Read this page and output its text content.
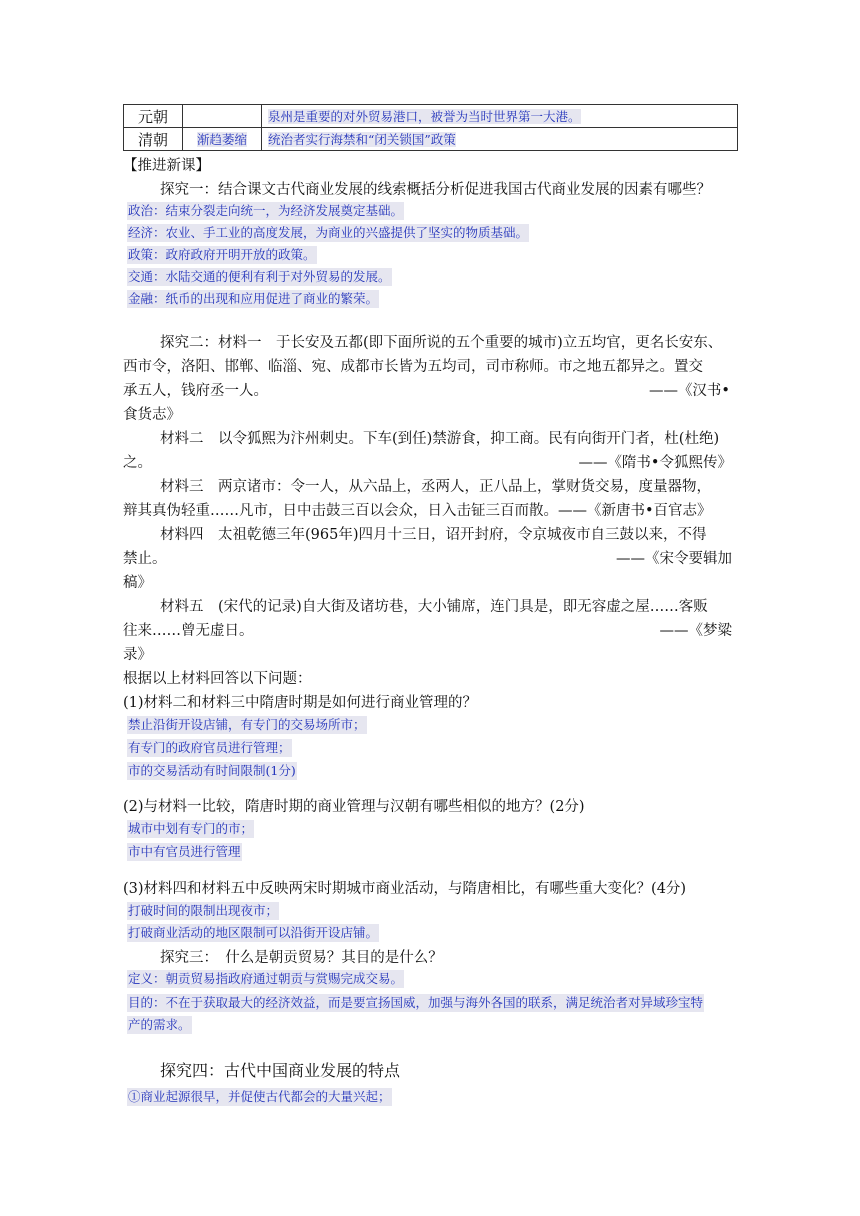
元朝		泉州是重要的对外贸易港口，被誉为当时世界第一大港。
清朝	渐趋萎缩	统治者实行海禁和“闭关锁国”政策
【推进新课】
探究一：结合课文古代商业发展的线索概括分析促进我国古代商业发展的因素有哪些？
政治：结束分裂走向统一，为经济发展奠定基础。
经济：农业、手工业的高度发展，为商业的兴盛提供了坚实的物质基础。
政策：政府政府开明开放的政策。
交通：水陆交通的便利有利于对外贸易的发展。
金融：纸币的出现和应用促进了商业的繁荣。
探究二：材料一　于长安及五都(即下面所说的五个重要的城市)立五均官，更名长安东、
西市令，洛阳、邯郸、临淄、宛、成都市长皆为五均司，司市称师。市之地五都异之。置交
承五人，钱府丞一人。	——《汉书•
食货志》
材料二　以令狐熙为汴州刺史。下车(到任)禁游食，抑工商。民有向街开门者，杜(杜绝)
之。	——《隋书•令狐熙传》
材料三　两京诸市：令一人，从六品上，丞两人，正八品上，掌财货交易，度量器物，
辩其真伪轻重……凡市，日中击鼓三百以会众，日入击钲三百而散。——《新唐书•百官志》
材料四　太祖乾德三年(965年)四月十三日，诏开封府，令京城夜市自三鼓以来，不得
禁止。	——《宋令要辑加
稿》
材料五　(宋代的记录)自大街及诸坊巷，大小铺席，连门具是，即无容虚之屋……客贩
往来……曾无虚日。	——《梦粱
录》
根据以上材料回答以下问题：
(1)材料二和材料三中隋唐时期是如何进行商业管理的？
禁止沿街开设店铺，有专门的交易场所市；
有专门的政府官员进行管理；
市的交易活动有时间限制(1分)
(2)与材料一比较，隋唐时期的商业管理与汉朝有哪些相似的地方？(2分)
城市中划有专门的市；
市中有官员进行管理
(3)材料四和材料五中反映两宋时期城市商业活动，与隋唐相比，有哪些重大变化？(4分)
打破时间的限制出现夜市；
打破商业活动的地区限制可以沿街开设店铺。
探究三：　什么是朝贡贸易？其目的是什么？
定义：朝贡贸易指政府通过朝贡与赏赐完成交易。
目的：不在于获取最大的经济效益，而是要宣扬国威，加强与海外各国的联系，满足统治者对异域珍宝特
产的需求。
探究四：古代中国商业发展的特点
①商业起源很早，并促使古代都会的大量兴起；
